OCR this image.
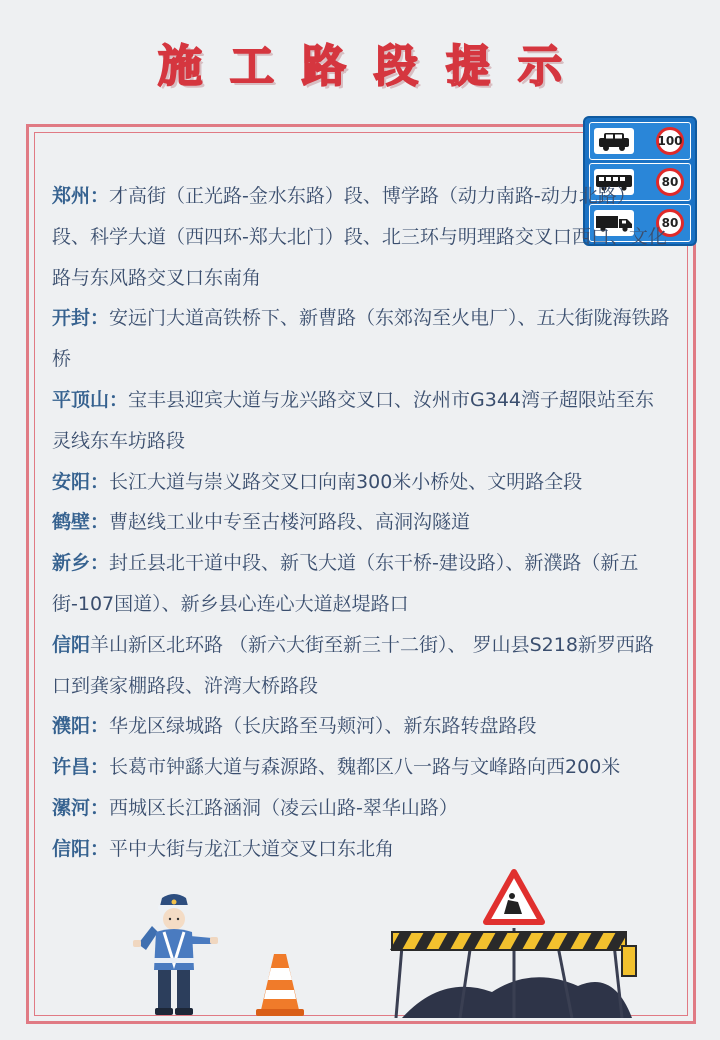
施 工 路 段 提 示
100
80
80

郑州：才高街（正光路-金水东路）段、博学路（动力南路-动力北路）段、科学大道（西四环-郑大北门）段、北三环与明理路交叉口西口、文化路与东风路交叉口东南角

开封：安远门大道高铁桥下、新曹路（东郊沟至火电厂）、五大街陇海铁路桥

平顶山：宝丰县迎宾大道与龙兴路交叉口、汝州市G344湾子超限站至东灵线东车坊路段

安阳：长江大道与崇义路交叉口向南300米小桥处、文明路全段

鹤壁：曹赵线工业中专至古楼河路段、高洞沟隧道

新乡：封丘县北干道中段、新飞大道（东干桥-建设路）、新濮路（新五街-107国道）、新乡县心连心大道赵堤路口

信阳羊山新区北环路 （新六大街至新三十二街）、 罗山县S218新罗西路口到龚家棚路段、浒湾大桥路段

濮阳：华龙区绿城路（长庆路至马颊河）、新东路转盘路段

许昌：长葛市钟繇大道与森源路、魏都区八一路与文峰路向西200米

漯河：西城区长江路涵洞（凌云山路-翠华山路）

信阳：平中大街与龙江大道交叉口东北角
